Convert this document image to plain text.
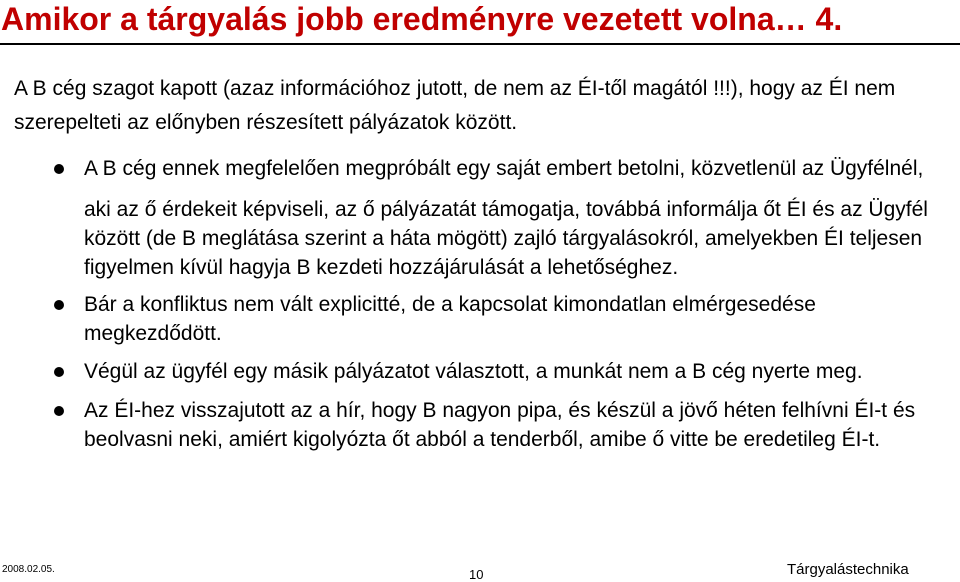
Amikor a tárgyalás jobb eredményre vezetett volna… 4.
A B cég szagot kapott (azaz információhoz jutott, de nem az ÉI-től magától !!!), hogy az ÉI nem szerepelteti az előnyben részesített pályázatok között.
A B cég ennek megfelelően megpróbált egy saját embert betolni, közvetlenül az Ügyfélnél,
aki az ő érdekeit képviseli, az ő pályázatát támogatja, továbbá informálja őt ÉI és az Ügyfél között (de B meglátása szerint a háta mögött) zajló tárgyalásokról, amelyekben ÉI teljesen figyelmen kívül hagyja B kezdeti hozzájárulását a lehetőséghez.
Bár a konfliktus nem vált explicitté, de a kapcsolat kimondatlan elmérgesedése megkezdődött.
Végül az ügyfél egy másik pályázatot választott, a munkát nem a B cég nyerte meg.
Az ÉI-hez visszajutott az a hír, hogy B nagyon pipa, és készül a jövő héten felhívni ÉI-t és beolvasni neki, amiért kigolyózta őt abból a tenderből, amibe ő vitte be eredetileg ÉI-t.
2008.02.05.	10	Tárgyalástechnika
